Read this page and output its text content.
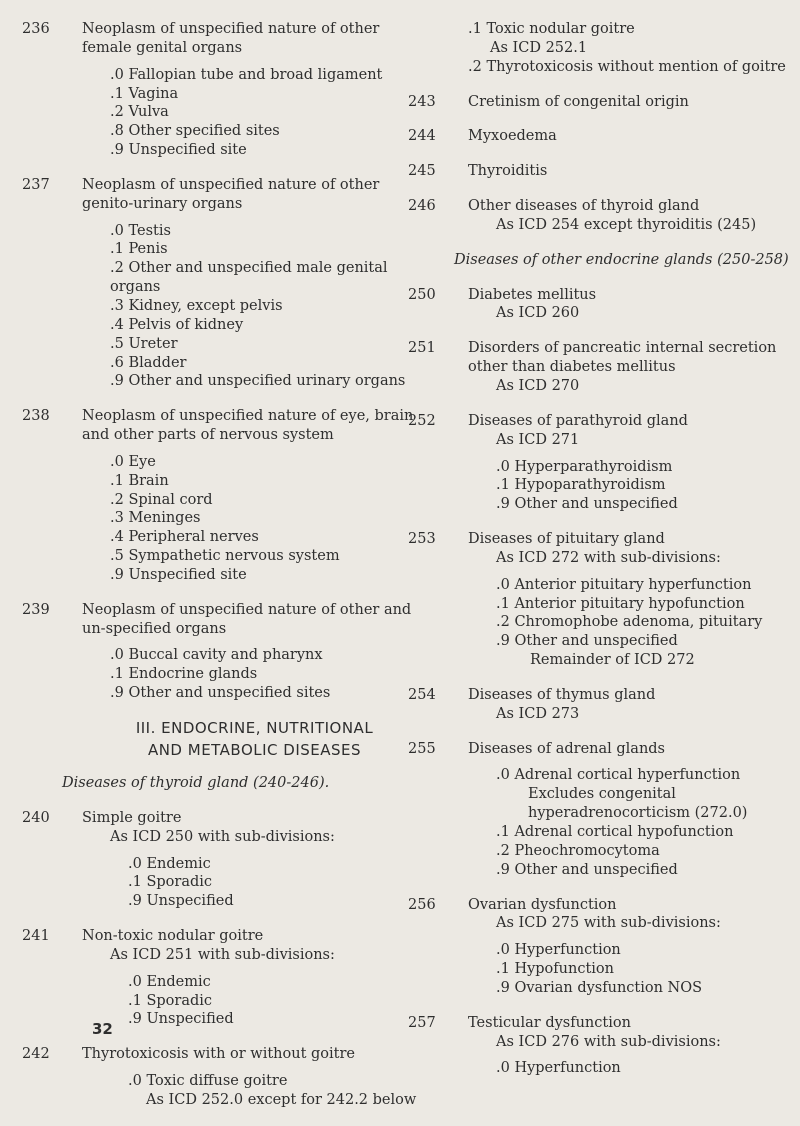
236 Neoplasm of unspecified nature of other female genital organs
.0 Fallopian tube and broad ligament
.1 Vagina
.2 Vulva
.8 Other specified sites
.9 Unspecified site
237 Neoplasm of unspecified nature of other genito-urinary organs
.0 Testis
.1 Penis
.2 Other and unspecified male genital organs
.3 Kidney, except pelvis
.4 Pelvis of kidney
.5 Ureter
.6 Bladder
.9 Other and unspecified urinary organs
238 Neoplasm of unspecified nature of eye, brain and other parts of nervous system
.0 Eye
.1 Brain
.2 Spinal cord
.3 Meninges
.4 Peripheral nerves
.5 Sympathetic nervous system
.9 Unspecified site
239 Neoplasm of unspecified nature of other and un-specified organs
.0 Buccal cavity and pharynx
.1 Endocrine glands
.9 Other and unspecified sites
III. ENDOCRINE, NUTRITIONAL
AND METABOLIC DISEASES
Diseases of thyroid gland (240-246).
240 Simple goitre
As ICD 250 with sub-divisions:
.0 Endemic
.1 Sporadic
.9 Unspecified
241 Non-toxic nodular goitre
As ICD 251 with sub-divisions:
.0 Endemic
.1 Sporadic
.9 Unspecified
242 Thyrotoxicosis with or without goitre
.0 Toxic diffuse goitre
As ICD 252.0 except for 242.2 below
.1 Toxic nodular goitre
As ICD 252.1
.2 Thyrotoxicosis without mention of goitre
243 Cretinism of congenital origin
244 Myxoedema
245 Thyroiditis
246 Other diseases of thyroid gland
As ICD 254 except thyroiditis (245)
Diseases of other endocrine glands (250-258)
250 Diabetes mellitus
As ICD 260
251 Disorders of pancreatic internal secretion other than diabetes mellitus
As ICD 270
252 Diseases of parathyroid gland
As ICD 271
.0 Hyperparathyroidism
.1 Hypoparathyroidism
.9 Other and unspecified
253 Diseases of pituitary gland
As ICD 272 with sub-divisions:
.0 Anterior pituitary hyperfunction
.1 Anterior pituitary hypofunction
.2 Chromophobe adenoma, pituitary
.9 Other and unspecified
Remainder of ICD 272
254 Diseases of thymus gland
As ICD 273
255 Diseases of adrenal glands
.0 Adrenal cortical hyperfunction
Excludes congenital hyperadrenocorticism (272.0)
.1 Adrenal cortical hypofunction
.2 Pheochromocytoma
.9 Other and unspecified
256 Ovarian dysfunction
As ICD 275 with sub-divisions:
.0 Hyperfunction
.1 Hypofunction
.9 Ovarian dysfunction NOS
257 Testicular dysfunction
As ICD 276 with sub-divisions:
.0 Hyperfunction
32
